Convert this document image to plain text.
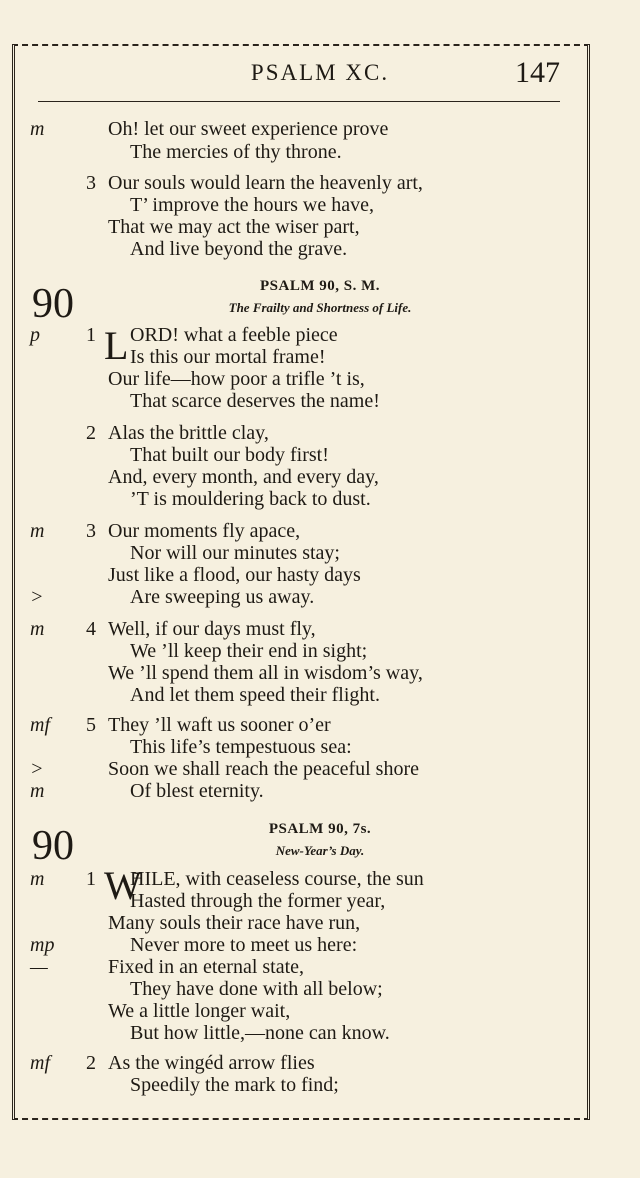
PSALM XC.	147
m	Oh! let our sweet experience prove
The mercies of thy throne.
3 Our souls would learn the heavenly art,
T’ improve the hours we have,
That we may act the wiser part,
And live beyond the grave.
90	PSALM 90, S. M.
The Frailty and Shortness of Life.
L
p 1 ORD! what a feeble piece
Is this our mortal frame!
Our life—how poor a trifle ’t is,
That scarce deserves the name!
2 Alas the brittle clay,
That built our body first!
And, every month, and every day,
’T is mouldering back to dust.
m 3 Our moments fly apace,
Nor will our minutes stay;
Just like a flood, our hasty days
>	Are sweeping us away.
m 4 Well, if our days must fly,
We ’ll keep their end in sight;
We ’ll spend them all in wisdom’s way,
And let them speed their flight.
mf 5 They ’ll waft us sooner o’er
This life’s tempestuous sea:
>	Soon we shall reach the peaceful shore
m	Of blest eternity.
90	PSALM 90, 7s.
New-Year’s Day.
W
m 1 HILE, with ceaseless course, the sun
Hasted through the former year,
Many souls their race have run,
mp	Never more to meet us here:
—	Fixed in an eternal state,
They have done with all below;
We a little longer wait,
But how little,—none can know.
mf 2 As the wingéd arrow flies
Speedily the mark to find;
